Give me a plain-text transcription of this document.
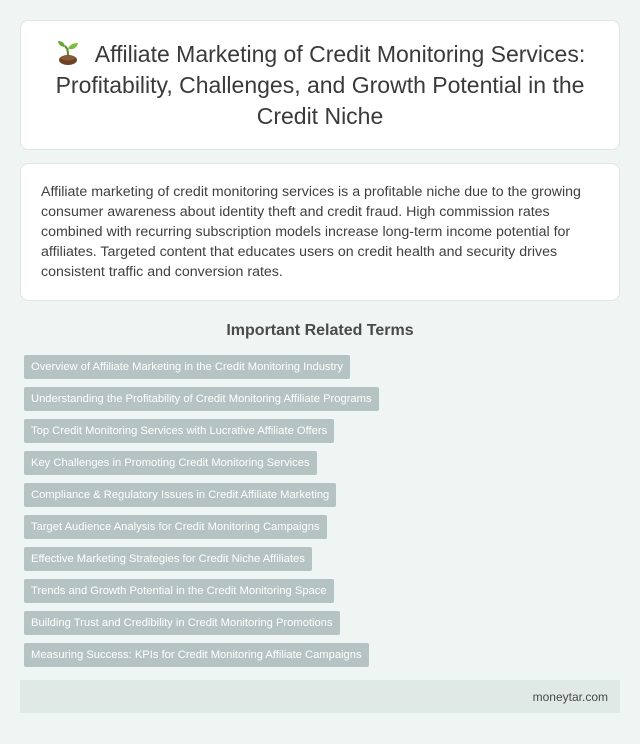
Affiliate Marketing of Credit Monitoring Services: Profitability, Challenges, and Growth Potential in the Credit Niche

Affiliate marketing of credit monitoring services is a profitable niche due to the growing consumer awareness about identity theft and credit fraud. High commission rates combined with recurring subscription models increase long-term income potential for affiliates. Targeted content that educates users on credit health and security drives consistent traffic and conversion rates.

Important Related Terms
Overview of Affiliate Marketing in the Credit Monitoring Industry
Understanding the Profitability of Credit Monitoring Affiliate Programs
Top Credit Monitoring Services with Lucrative Affiliate Offers
Key Challenges in Promoting Credit Monitoring Services
Compliance & Regulatory Issues in Credit Affiliate Marketing
Target Audience Analysis for Credit Monitoring Campaigns
Effective Marketing Strategies for Credit Niche Affiliates
Trends and Growth Potential in the Credit Monitoring Space
Building Trust and Credibility in Credit Monitoring Promotions
Measuring Success: KPIs for Credit Monitoring Affiliate Campaigns
moneytar.com
